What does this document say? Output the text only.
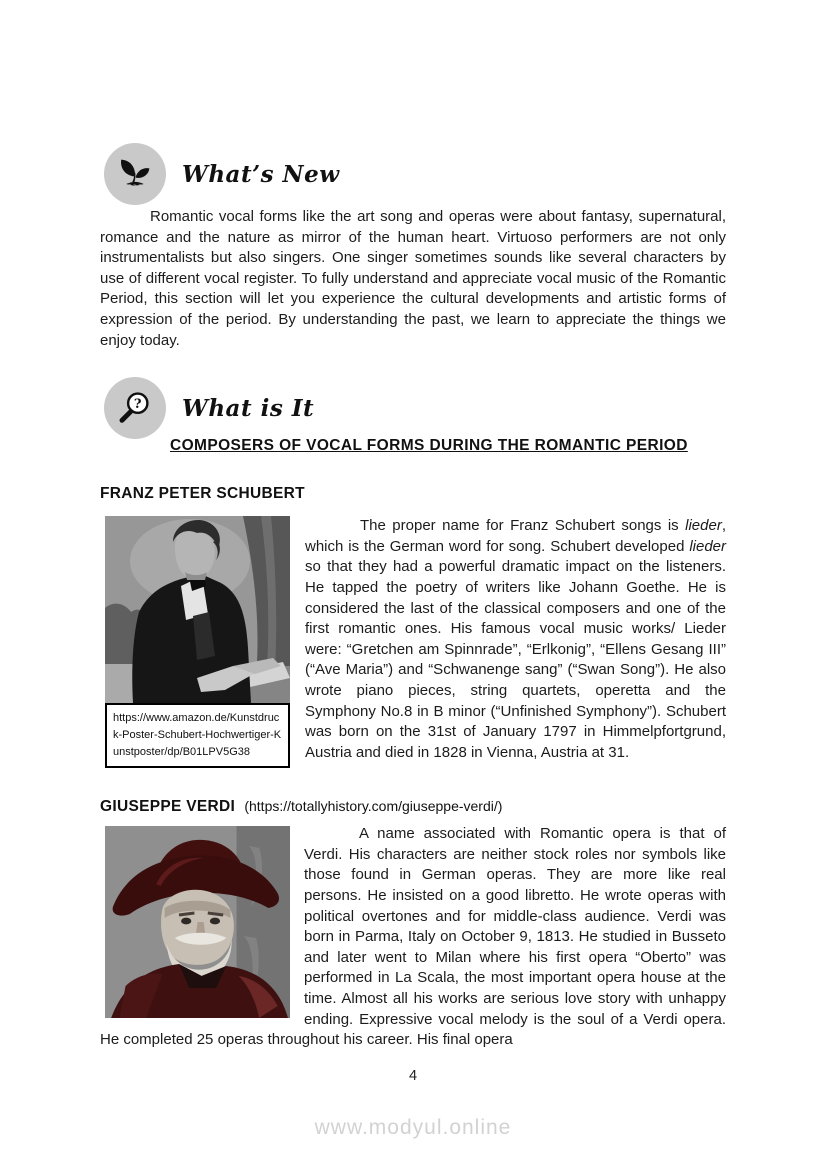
What’s New

Romantic vocal forms like the art song and operas were about fantasy, supernatural, romance and the nature as mirror of the human heart. Virtuoso performers are not only instrumentalists but also singers. One singer sometimes sounds like several characters by use of different vocal register. To fully understand and appreciate vocal music of the Romantic Period, this section will let you experience the cultural developments and artistic forms of expression of the period. By understanding the past, we learn to appreciate the things we enjoy today.

? What is It
COMPOSERS OF VOCAL FORMS DURING THE ROMANTIC PERIOD
FRANZ PETER SCHUBERT
https://www.amazon.de/Kunstdruck-Poster-Schubert-Hochwertiger-Kunstposter/dp/B01LPV5G38

The proper name for Franz Schubert songs is lieder, which is the German word for song. Schubert developed lieder so that they had a powerful dramatic impact on the listeners. He tapped the poetry of writers like Johann Goethe. He is considered the last of the classical composers and one of the first romantic ones. His famous vocal music works/ Lieder were: “Gretchen am Spinnrade”, “Erlkonig”, “Ellens Gesang III” (“Ave Maria”) and “Schwanenge sang” (“Swan Song”). He also wrote piano pieces, string quartets, operetta and the Symphony No.8 in B minor (“Unfinished Symphony”). Schubert was born on the 31st of January 1797 in Himmelpfortgrund, Austria and died in 1828 in Vienna, Austria at 31.

GIUSEPPE VERDI (https://totallyhistory.com/giuseppe-verdi/)

A name associated with Romantic opera is that of Verdi. His characters are neither stock roles nor symbols like those found in German operas. They are more like real persons. He insisted on a good libretto. He wrote operas with political overtones and for middle-class audience. Verdi was born in Parma, Italy on October 9, 1813. He studied in Busseto and later went to Milan where his first opera “Oberto” was performed in La Scala, the most important opera house at the time. Almost all his works are serious love story with unhappy ending. Expressive vocal melody is the soul of a Verdi opera. He completed 25 operas throughout his career. His final opera

4
www.modyul.online
